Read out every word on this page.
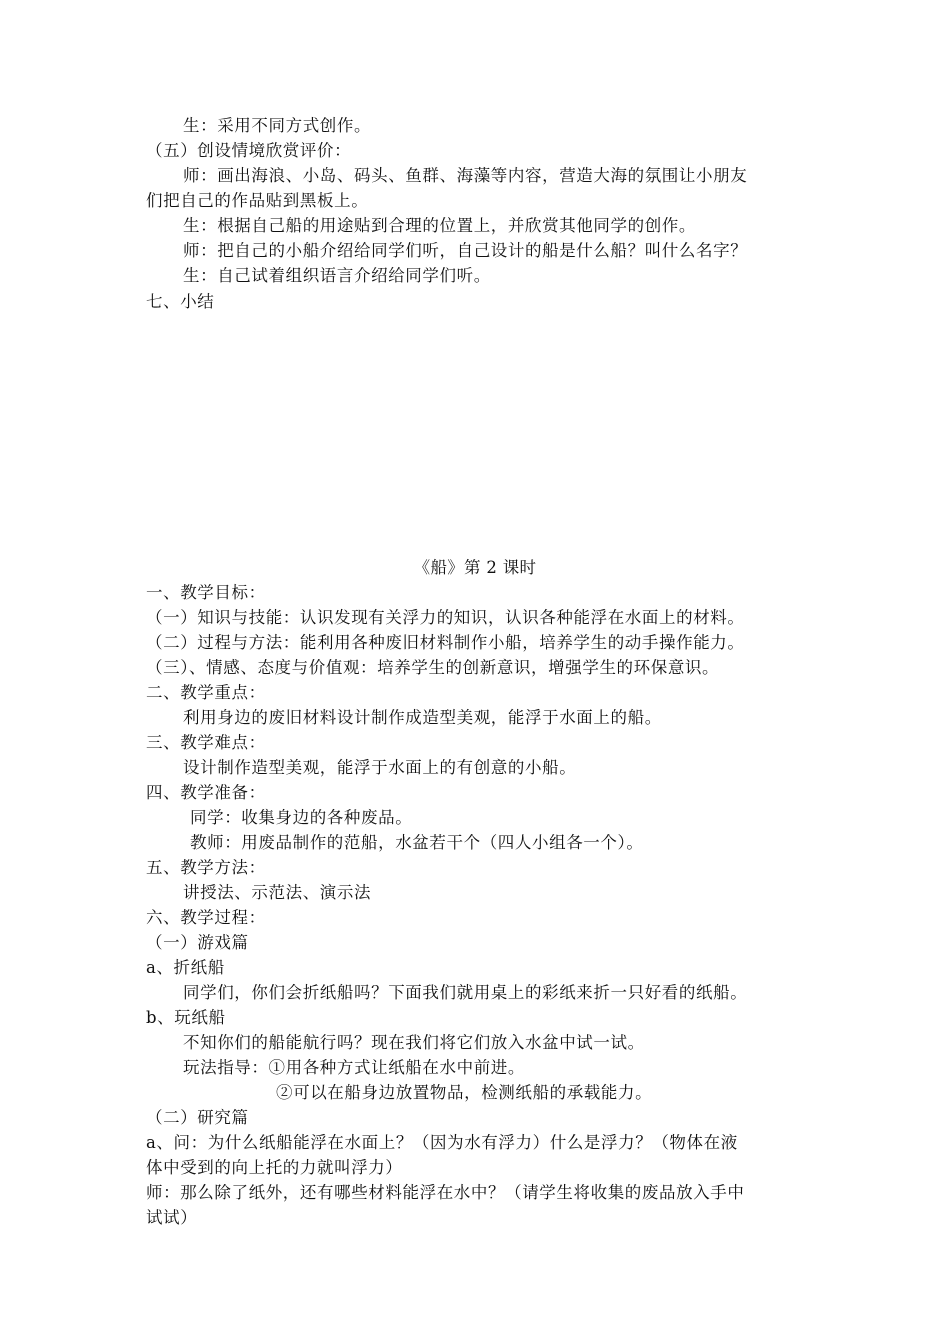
生：采用不同方式创作。
（五）创设情境欣赏评价：
师：画出海浪、小岛、码头、鱼群、海藻等内容，营造大海的氛围让小朋友
们把自己的作品贴到黑板上。
生：根据自己船的用途贴到合理的位置上，并欣赏其他同学的创作。
师：把自己的小船介绍给同学们听，自己设计的船是什么船？叫什么名字？
生：自己试着组织语言介绍给同学们听。
七、小结
《船》第 2 课时
一、教学目标：
（一）知识与技能：认识发现有关浮力的知识，认识各种能浮在水面上的材料。
（二）过程与方法：能利用各种废旧材料制作小船，培养学生的动手操作能力。
（三）、情感、态度与价值观：培养学生的创新意识，增强学生的环保意识。
二、教学重点：
利用身边的废旧材料设计制作成造型美观，能浮于水面上的船。
三、教学难点：
设计制作造型美观，能浮于水面上的有创意的小船。
四、教学准备：
同学：收集身边的各种废品。
教师：用废品制作的范船，水盆若干个（四人小组各一个）。
五、教学方法：
讲授法、示范法、演示法
六、教学过程：
（一）游戏篇
a、折纸船
同学们，你们会折纸船吗？下面我们就用桌上的彩纸来折一只好看的纸船。
b、玩纸船
不知你们的船能航行吗？现在我们将它们放入水盆中试一试。
玩法指导：①用各种方式让纸船在水中前进。
②可以在船身边放置物品，检测纸船的承载能力。
（二）研究篇
a、问：为什么纸船能浮在水面上？（因为水有浮力）什么是浮力？（物体在液
体中受到的向上托的力就叫浮力）
师：那么除了纸外，还有哪些材料能浮在水中？（请学生将收集的废品放入手中
试试）
